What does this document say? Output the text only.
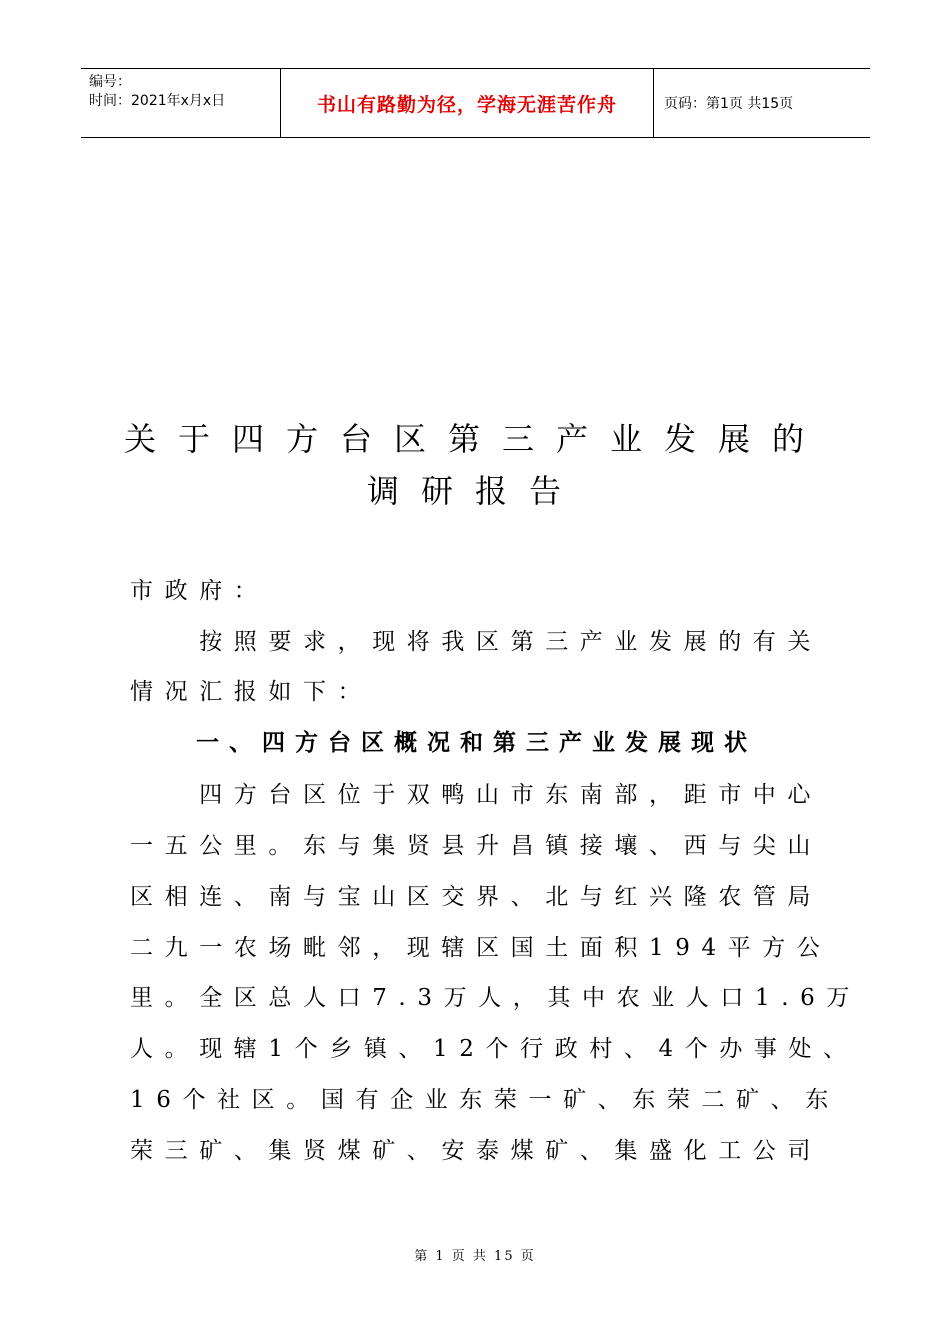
编号：
时间：2021年x月x日	书山有路勤为径，学海无涯苦作舟	页码：第1页 共15页
关于四方台区第三产业发展的
调研报告
市政府：
　　按照要求，现将我区第三产业发展的有关
情况汇报如下：
　　一、四方台区概况和第三产业发展现状
　　四方台区位于双鸭山市东南部，距市中心
一五公里。东与集贤县升昌镇接壤、西与尖山
区相连、南与宝山区交界、北与红兴隆农管局
二九一农场毗邻，现辖区国土面积194平方公
里。全区总人口7.3万人，其中农业人口1.6万
人。现辖1个乡镇、12个行政村、4个办事处、
16个社区。国有企业东荣一矿、东荣二矿、东
荣三矿、集贤煤矿、安泰煤矿、集盛化工公司
第 1 页 共 15 页
